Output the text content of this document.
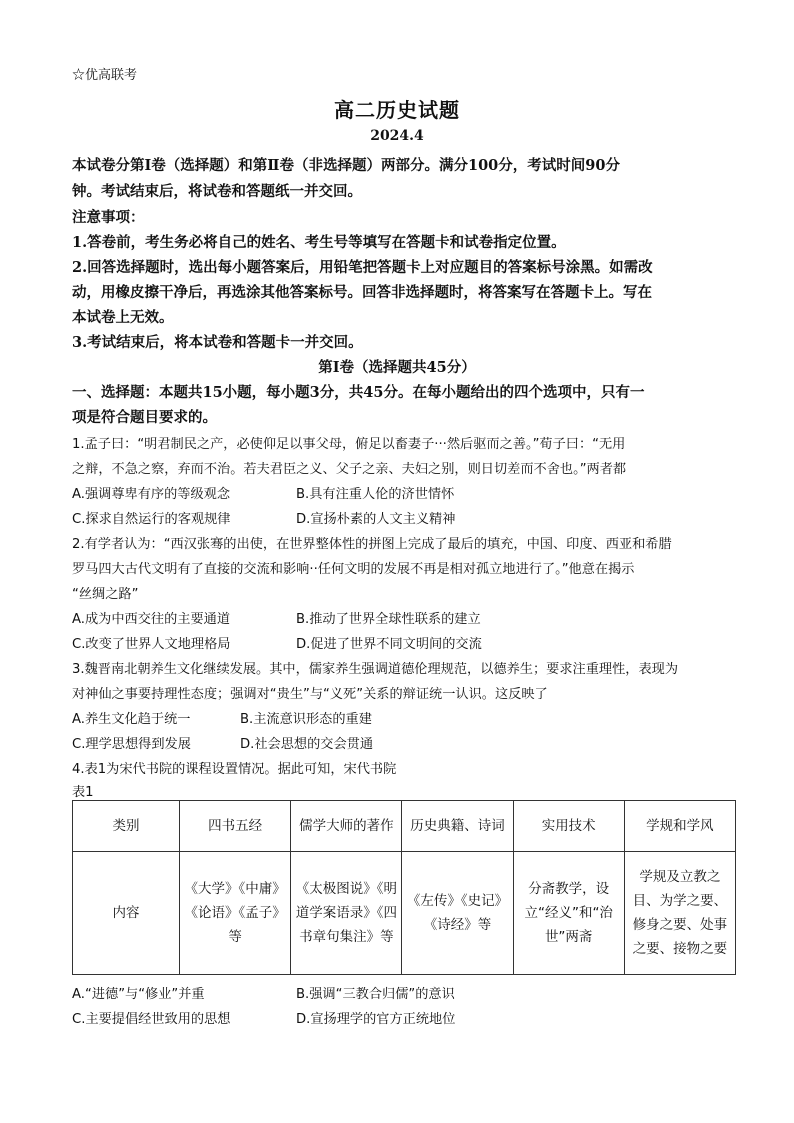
☆优高联考
高二历史试题
2024.4
本试卷分第Ⅰ卷（选择题）和第Ⅱ卷（非选择题）两部分。满分100分，考试时间90分
钟。考试结束后，将试卷和答题纸一并交回。
注意事项：
1.答卷前，考生务必将自己的姓名、考生号等填写在答题卡和试卷指定位置。
2.回答选择题时，选出每小题答案后，用铅笔把答题卡上对应题目的答案标号涂黑。如需改
动，用橡皮擦干净后，再选涂其他答案标号。回答非选择题时，将答案写在答题卡上。写在
本试卷上无效。
3.考试结束后，将本试卷和答题卡一并交回。
第Ⅰ卷（选择题共45分）
一、选择题：本题共15小题，每小题3分，共45分。在每小题给出的四个选项中，只有一
项是符合题目要求的。
1.孟子曰：“明君制民之产，必使仰足以事父母，俯足以畜妻子···然后驱而之善。”荀子曰：“无用
之辩，不急之察，弃而不治。若夫君臣之义、父子之亲、夫妇之别，则日切差而不舍也。”两者都
A.强调尊卑有序的等级观念	B.具有注重人伦的济世情怀
C.探求自然运行的客观规律	D.宣扬朴素的人文主义精神
2.有学者认为：“西汉张骞的出使，在世界整体性的拼图上完成了最后的填充，中国、印度、西亚和希腊
罗马四大古代文明有了直接的交流和影响··任何文明的发展不再是相对孤立地进行了。”他意在揭示
“丝绸之路”
A.成为中西交往的主要通道	B.推动了世界全球性联系的建立
C.改变了世界人文地理格局	D.促进了世界不同文明间的交流
3.魏晋南北朝养生文化继续发展。其中，儒家养生强调道德伦理规范，以德养生；要求注重理性，表现为
对神仙之事要持理性态度；强调对“贵生”与“义死”关系的辩证统一认识。这反映了
A.养生文化趋于统一	B.主流意识形态的重建
C.理学思想得到发展	D.社会思想的交会贯通
4.表1为宋代书院的课程设置情况。据此可知，宋代书院
表1
类别	四书五经	儒学大师的著作	历史典籍、诗词	实用技术	学规和学风
内容	《大学》《中庸》《论语》《孟子》等	《太极图说》《明道学案语录》《四书章句集注》等	《左传》《史记》《诗经》等	分斋教学，设立“经义”和“治世”两斋	学规及立教之目、为学之要、修身之要、处事之要、接物之要
A.“进德”与“修业”并重	B.强调“三教合归儒”的意识
C.主要提倡经世致用的思想	D.宣扬理学的官方正统地位
